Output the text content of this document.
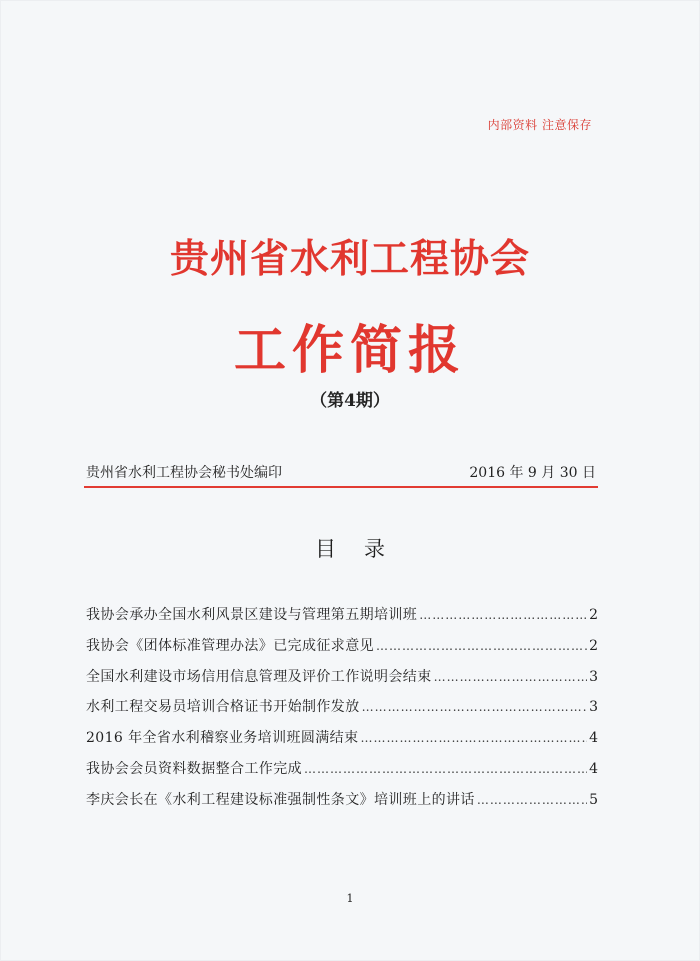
内部资料 注意保存
贵州省水利工程协会
工作简报
（第4期）
贵州省水利工程协会秘书处编印	2016 年 9 月 30 日
目录
我协会承办全国水利风景区建设与管理第五期培训班 ……………………………………………………………………………………………………	2
我协会《团体标准管理办法》已完成征求意见 ……………………………………………………………………………………………………	2
全国水利建设市场信用信息管理及评价工作说明会结束 ……………………………………………………………………………………………………	3
水利工程交易员培训合格证书开始制作发放 ……………………………………………………………………………………………………	3
2016 年全省水利稽察业务培训班圆满结束 ……………………………………………………………………………………………………	4
我协会会员资料数据整合工作完成 ……………………………………………………………………………………………………	4
李庆会长在《水利工程建设标准强制性条文》培训班上的讲话 ……………………………………………………………………………………………………	5
1
